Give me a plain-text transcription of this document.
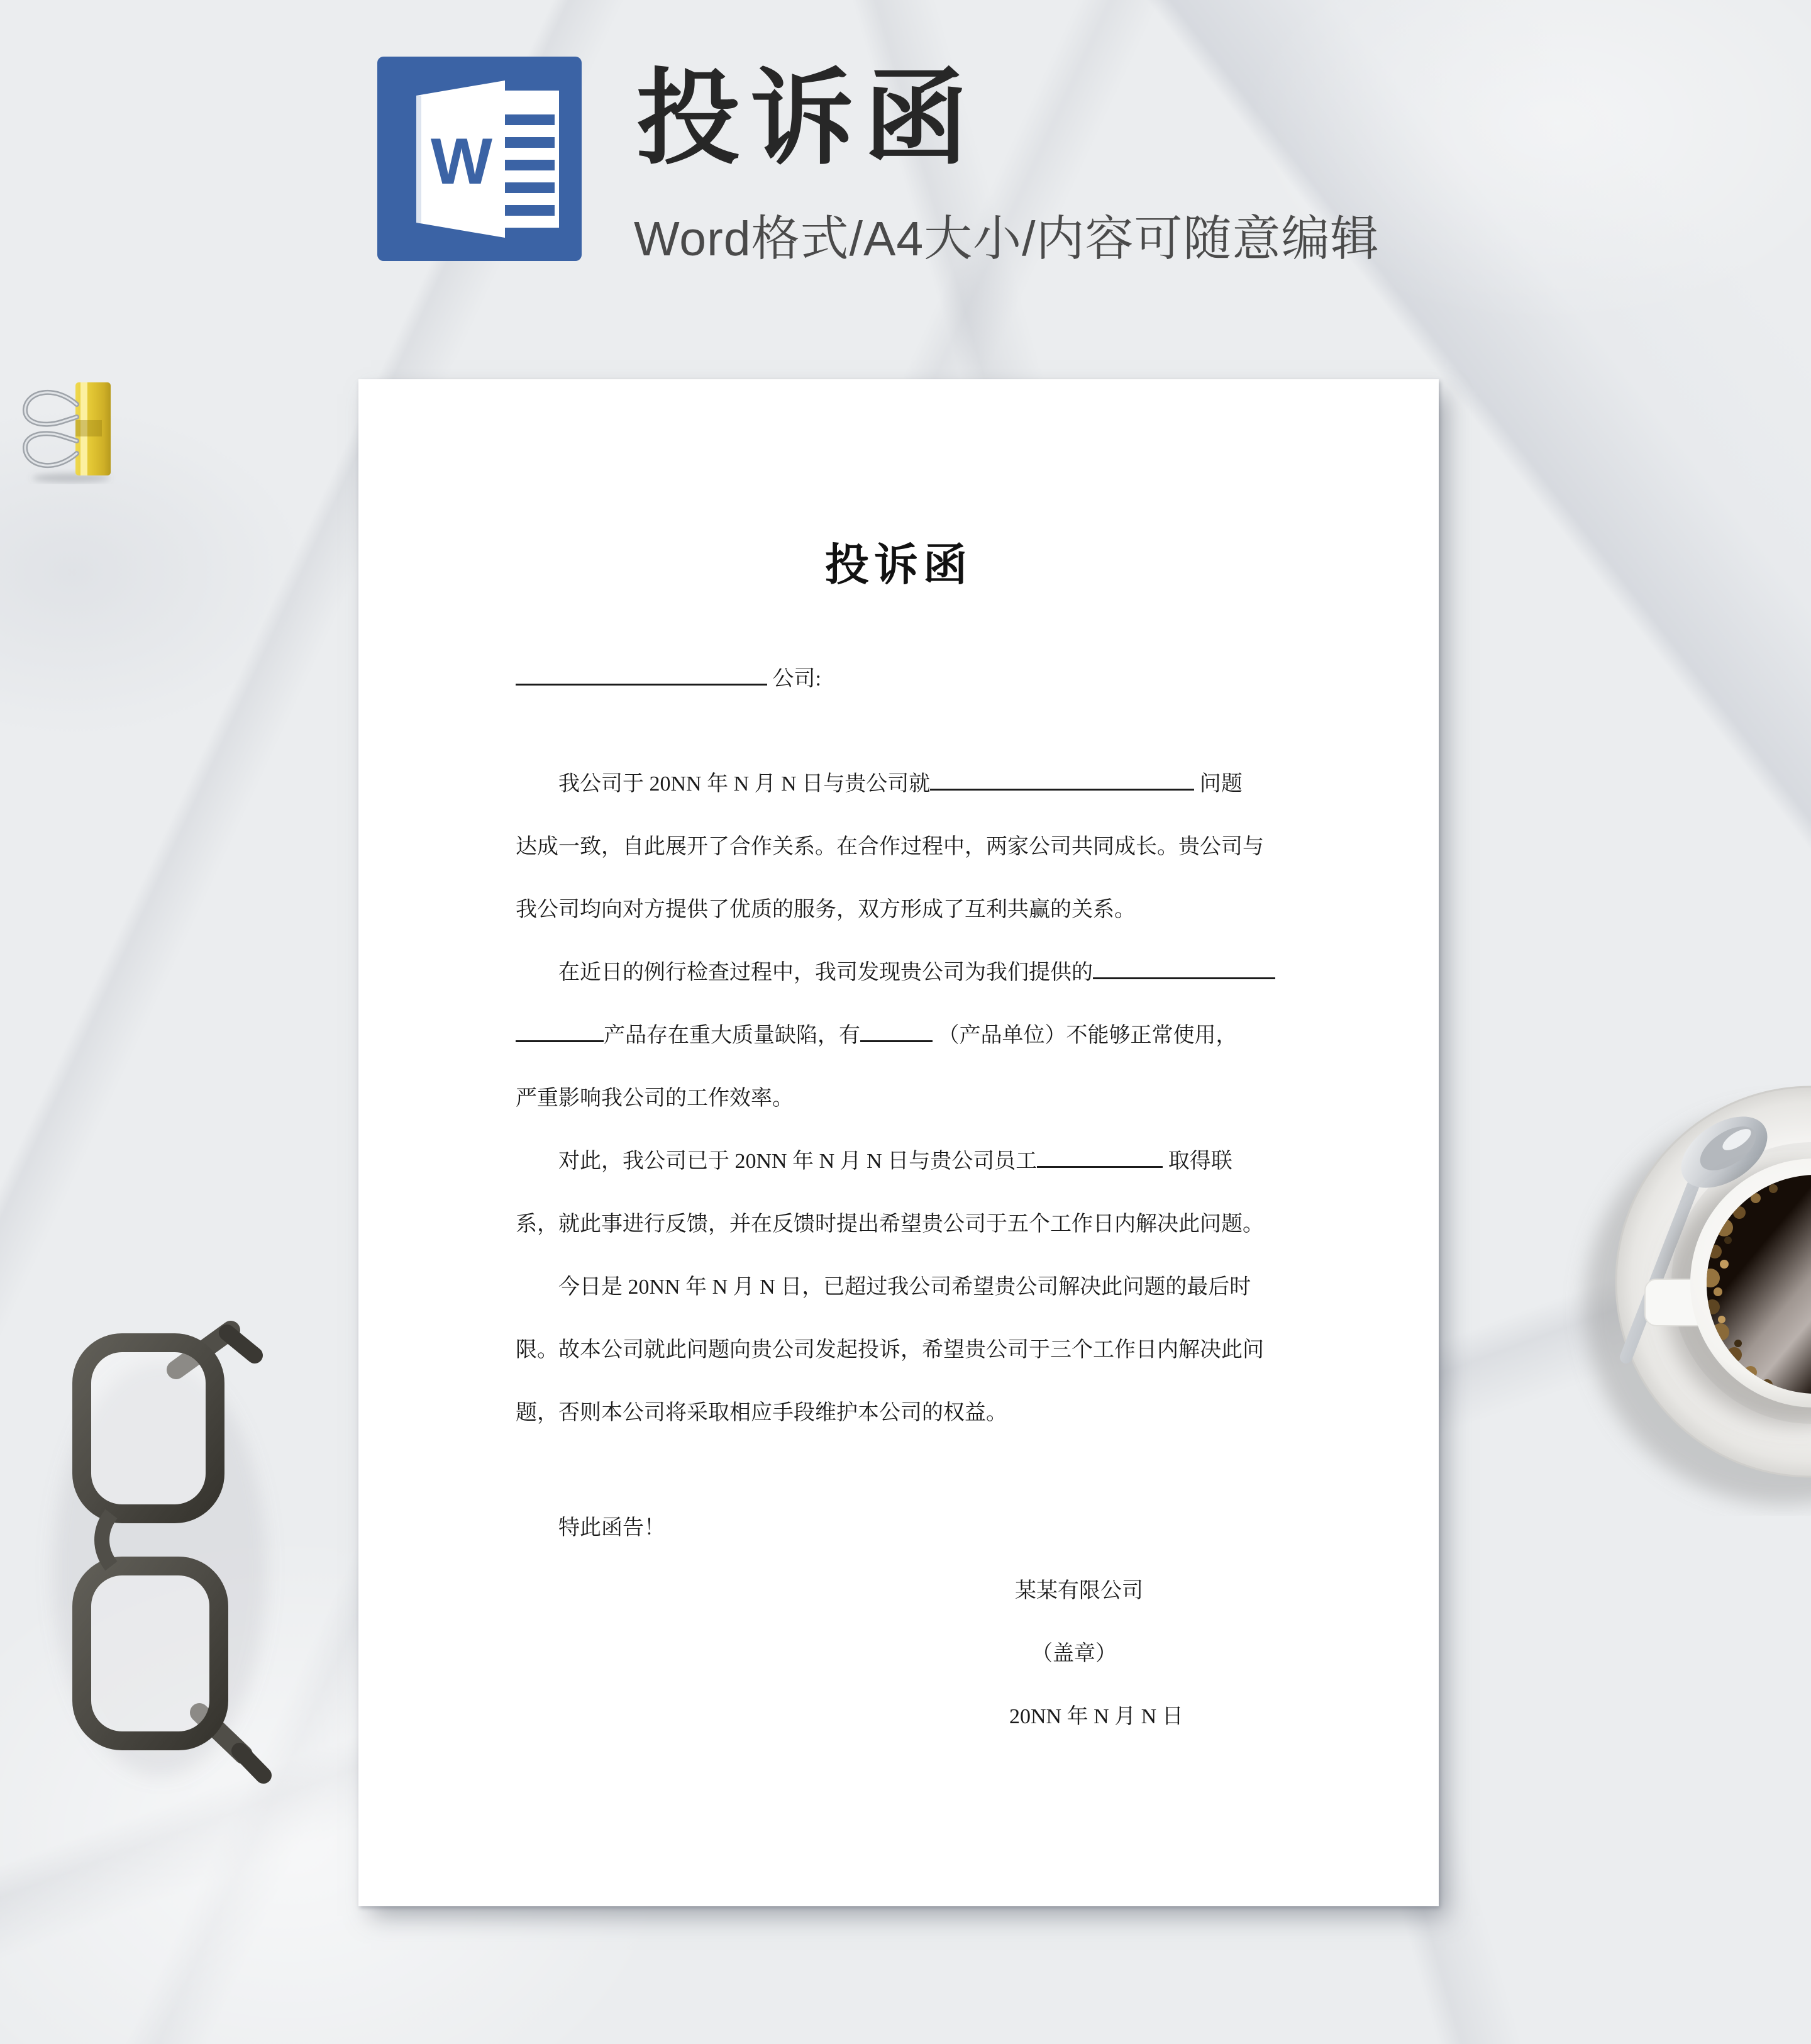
W 投诉函
Word格式/A4大小/内容可随意编辑
投诉函
公司:
我公司于 20NN 年 N 月 N 日与贵公司就	问题
达成一致，自此展开了合作关系。在合作过程中，两家公司共同成长。贵公司与
我公司均向对方提供了优质的服务，双方形成了互利共赢的关系。
在近日的例行检查过程中，我司发现贵公司为我们提供的
产品存在重大质量缺陷，有	（产品单位）不能够正常使用，
严重影响我公司的工作效率。
对此，我公司已于 20NN 年 N 月 N 日与贵公司员工	取得联
系，就此事进行反馈，并在反馈时提出希望贵公司于五个工作日内解决此问题。
今日是 20NN 年 N 月 N 日，已超过我公司希望贵公司解决此问题的最后时
限。故本公司就此问题向贵公司发起投诉，希望贵公司于三个工作日内解决此问
题，否则本公司将采取相应手段维护本公司的权益。
特此函告！
某某有限公司
（盖章）
20NN 年 N 月 N 日
